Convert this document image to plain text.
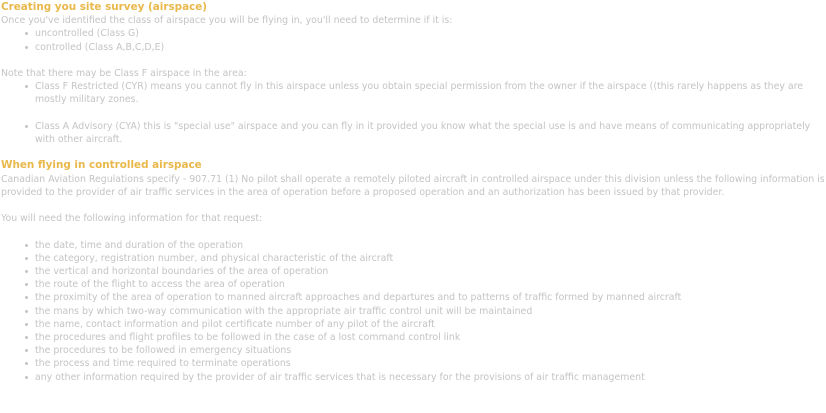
Creating you site survey (airspace)

Once you've identified the class of airspace you will be flying in, you'll need to determine if it is:

uncontrolled (Class G)
controlled (Class A,B,C,D,E)

Note that there may be Class F airspace in the area:

Class F Restricted (CYR) means you cannot fly in this airspace unless you obtain special permission from the owner if the airspace ((this rarely happens as they are mostly military zones.
Class A Advisory (CYA) this is "special use" airspace and you can fly in it provided you know what the special use is and have means of communicating appropriately with other aircraft.
When flying in controlled airspace

Canadian Aviation Regulations specify - 907.71 (1) No pilot shall operate a remotely piloted aircraft in controlled airspace under this division unless the following information is provided to the provider of air traffic services in the area of operation before a proposed operation and an authorization has been issued by that provider.

You will need the following information for that request:

the date, time and duration of the operation
the category, registration number, and physical characteristic of the aircraft
the vertical and horizontal boundaries of the area of operation
the route of the flight to access the area of operation
the proximity of the area of operation to manned aircraft approaches and departures and to patterns of traffic formed by manned aircraft
the mans by which two-way communication with the appropriate air traffic control unit will be maintained
the name, contact information and pilot certificate number of any pilot of the aircraft
the procedures and flight profiles to be followed in the case of a lost command control link
the procedures to be followed in emergency situations
the process and time required to terminate operations
any other information required by the provider of air traffic services that is necessary for the provisions of air traffic management
